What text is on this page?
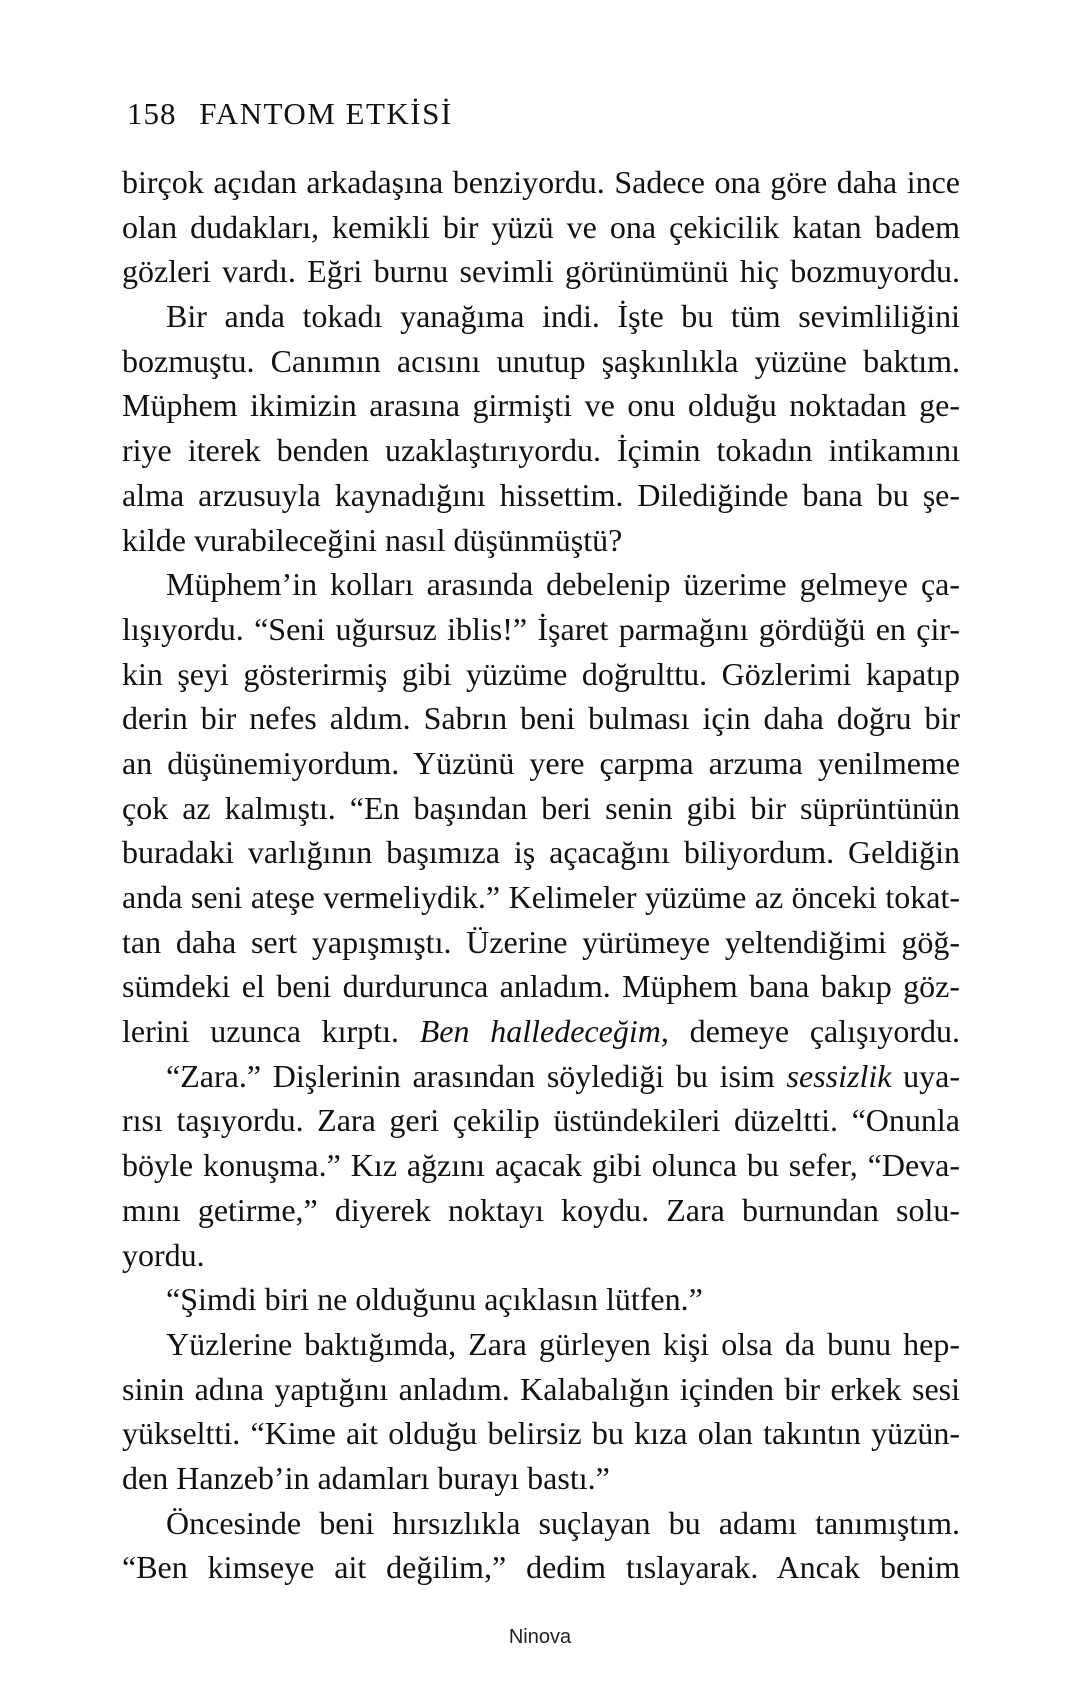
158 FANTOM ETKİSİ
birçok açıdan arkadaşına benziyordu. Sadece ona göre daha ince
olan dudakları, kemikli bir yüzü ve ona çekicilik katan badem
gözleri vardı. Eğri burnu sevimli görünümünü hiç bozmuyordu.
Bir anda tokadı yanağıma indi. İşte bu tüm sevimliliğini
bozmuştu. Canımın acısını unutup şaşkınlıkla yüzüne baktım.
Müphem ikimizin arasına girmişti ve onu olduğu noktadan ge-
riye iterek benden uzaklaştırıyordu. İçimin tokadın intikamını
alma arzusuyla kaynadığını hissettim. Dilediğinde bana bu şe-
kilde vurabileceğini nasıl düşünmüştü?
Müphem’in kolları arasında debelenip üzerime gelmeye ça-
lışıyordu. “Seni uğursuz iblis!” İşaret parmağını gördüğü en çir-
kin şeyi gösterirmiş gibi yüzüme doğrulttu. Gözlerimi kapatıp
derin bir nefes aldım. Sabrın beni bulması için daha doğru bir
an düşünemiyordum. Yüzünü yere çarpma arzuma yenilmeme
çok az kalmıştı. “En başından beri senin gibi bir süprüntünün
buradaki varlığının başımıza iş açacağını biliyordum. Geldiğin
anda seni ateşe vermeliydik.” Kelimeler yüzüme az önceki tokat-
tan daha sert yapışmıştı. Üzerine yürümeye yeltendiğimi göğ-
sümdeki el beni durdurunca anladım. Müphem bana bakıp göz-
lerini uzunca kırptı. Ben halledeceğim, demeye çalışıyordu.
“Zara.” Dişlerinin arasından söylediği bu isim sessizlik uya-
rısı taşıyordu. Zara geri çekilip üstündekileri düzeltti. “Onunla
böyle konuşma.” Kız ağzını açacak gibi olunca bu sefer, “Deva-
mını getirme,” diyerek noktayı koydu. Zara burnundan solu-
yordu.
“Şimdi biri ne olduğunu açıklasın lütfen.”
Yüzlerine baktığımda, Zara gürleyen kişi olsa da bunu hep-
sinin adına yaptığını anladım. Kalabalığın içinden bir erkek sesi
yükseltti. “Kime ait olduğu belirsiz bu kıza olan takıntın yüzün-
den Hanzeb’in adamları burayı bastı.”
Öncesinde beni hırsızlıkla suçlayan bu adamı tanımıştım.
“Ben kimseye ait değilim,” dedim tıslayarak. Ancak benim
Ninova
